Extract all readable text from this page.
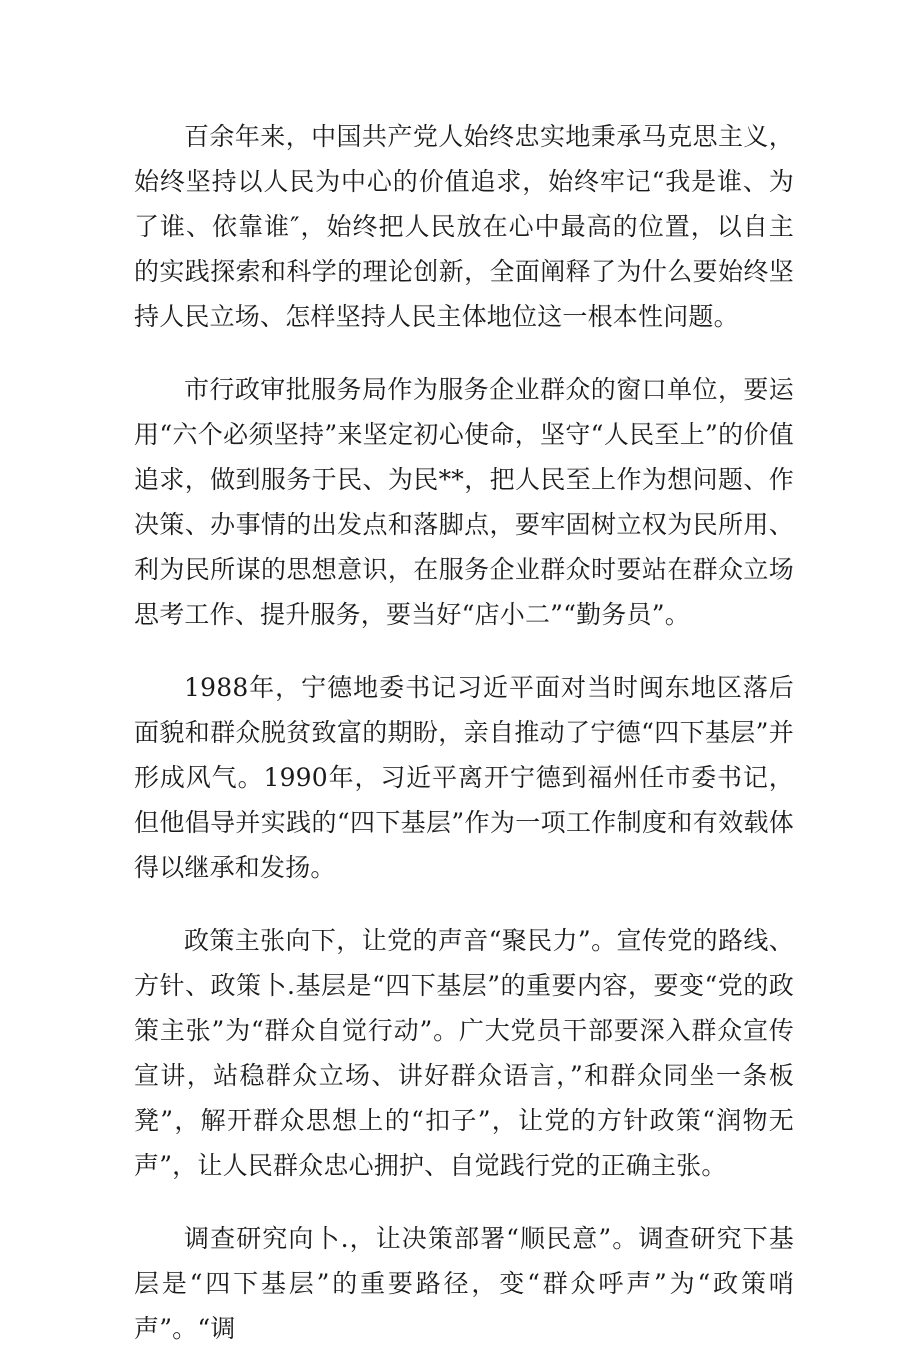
百余年来，中国共产党人始终忠实地秉承马克思主义，始终坚持以人民为中心的价值追求，始终牢记“我是谁、为了谁、依靠谁″，始终把人民放在心中最高的位置，以自主的实践探索和科学的理论创新，全面阐释了为什么要始终坚持人民立场、怎样坚持人民主体地位这一根本性问题。

市行政审批服务局作为服务企业群众的窗口单位，要运用“六个必须坚持”来坚定初心使命，坚守“人民至上”的价值追求，做到服务于民、为民**，把人民至上作为想问题、作决策、办事情的出发点和落脚点，要牢固树立权为民所用、利为民所谋的思想意识，在服务企业群众时要站在群众立场思考工作、提升服务，要当好“店小二”“勤务员”。

1988年，宁德地委书记习近平面对当时闽东地区落后面貌和群众脱贫致富的期盼，亲自推动了宁德“四下基层”并形成风气。1990年，习近平离开宁德到福州任市委书记，但他倡导并实践的“四下基层”作为一项工作制度和有效载体得以继承和发扬。

政策主张向下，让党的声音“聚民力”。宣传党的路线、方针、政策卜.基层是“四下基层”的重要内容，要变“党的政策主张”为“群众自觉行动”。广大党员干部要深入群众宣传宣讲，站稳群众立场、讲好群众语言，”和群众同坐一条板凳”，解开群众思想上的“扣子”，让党的方针政策“润物无声”，让人民群众忠心拥护、自觉践行党的正确主张。

调查研究向卜.，让决策部署“顺民意”。调查研究下基层是“四下基层”的重要路径，变“群众呼声”为“政策哨声”。“调
